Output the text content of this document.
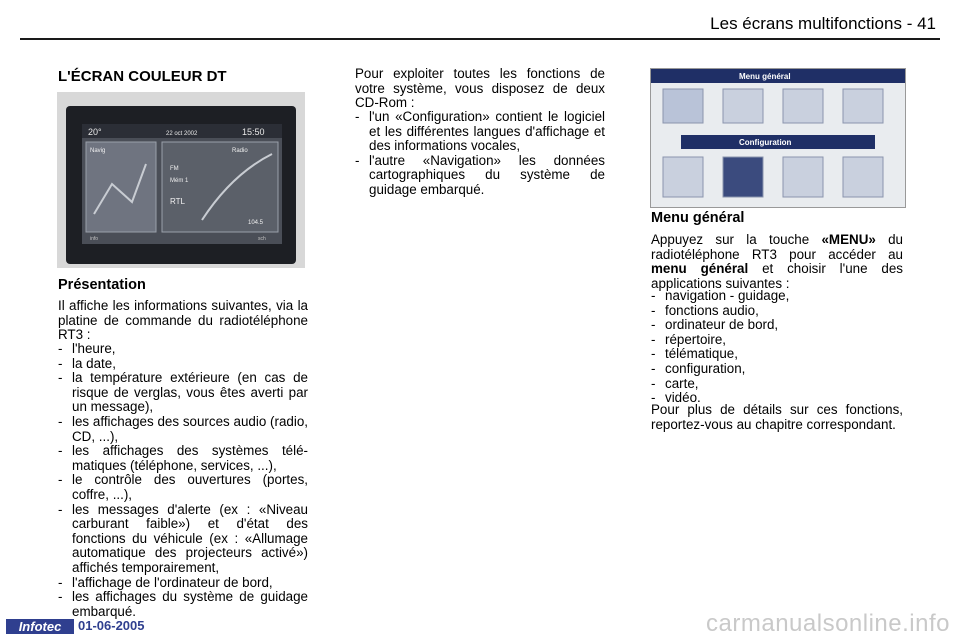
Les écrans multifonctions - 41
L'ÉCRAN COULEUR DT
20°	22 oct 2002	15:50
Navig	Radio
FM
Mém 1
RTL
104.5
info	sch
Présentation
Il affiche les informations suivantes, via la platine de commande du radiotéléphone RT3 :
- l'heure,
- la date,
- la température extérieure (en cas de risque de verglas, vous êtes averti par un message),
- les affichages des sources audio (radio, CD, ...),
- les affichages des systèmes télé-matiques (téléphone, services, ...),
- le contrôle des ouvertures (portes, coffre, ...),
- les messages d'alerte (ex : «Niveau carburant faible») et d'état des fonctions du véhicule (ex : «Allumage automatique des projecteurs activé») affichés temporairement,
- l'affichage de l'ordinateur de bord,
- les affichages du système de guidage embarqué.
Pour exploiter toutes les fonctions de votre système, vous disposez de deux CD-Rom :
- l'un «Configuration» contient le logiciel et les différentes langues d'affichage et des informations vocales,
- l'autre «Navigation» les données cartographiques du système de guidage embarqué.
Menu général
Configuration
Menu général
Appuyez sur la touche «MENU» du radiotéléphone RT3 pour accéder au menu général et choisir l'une des applications suivantes :
- navigation - guidage,
- fonctions audio,
- ordinateur de bord,
- répertoire,
- télématique,
- configuration,
- carte,
- vidéo.
Pour plus de détails sur ces fonctions, reportez-vous au chapitre correspondant.
Infotec	01-06-2005	carmanualsonline.info
